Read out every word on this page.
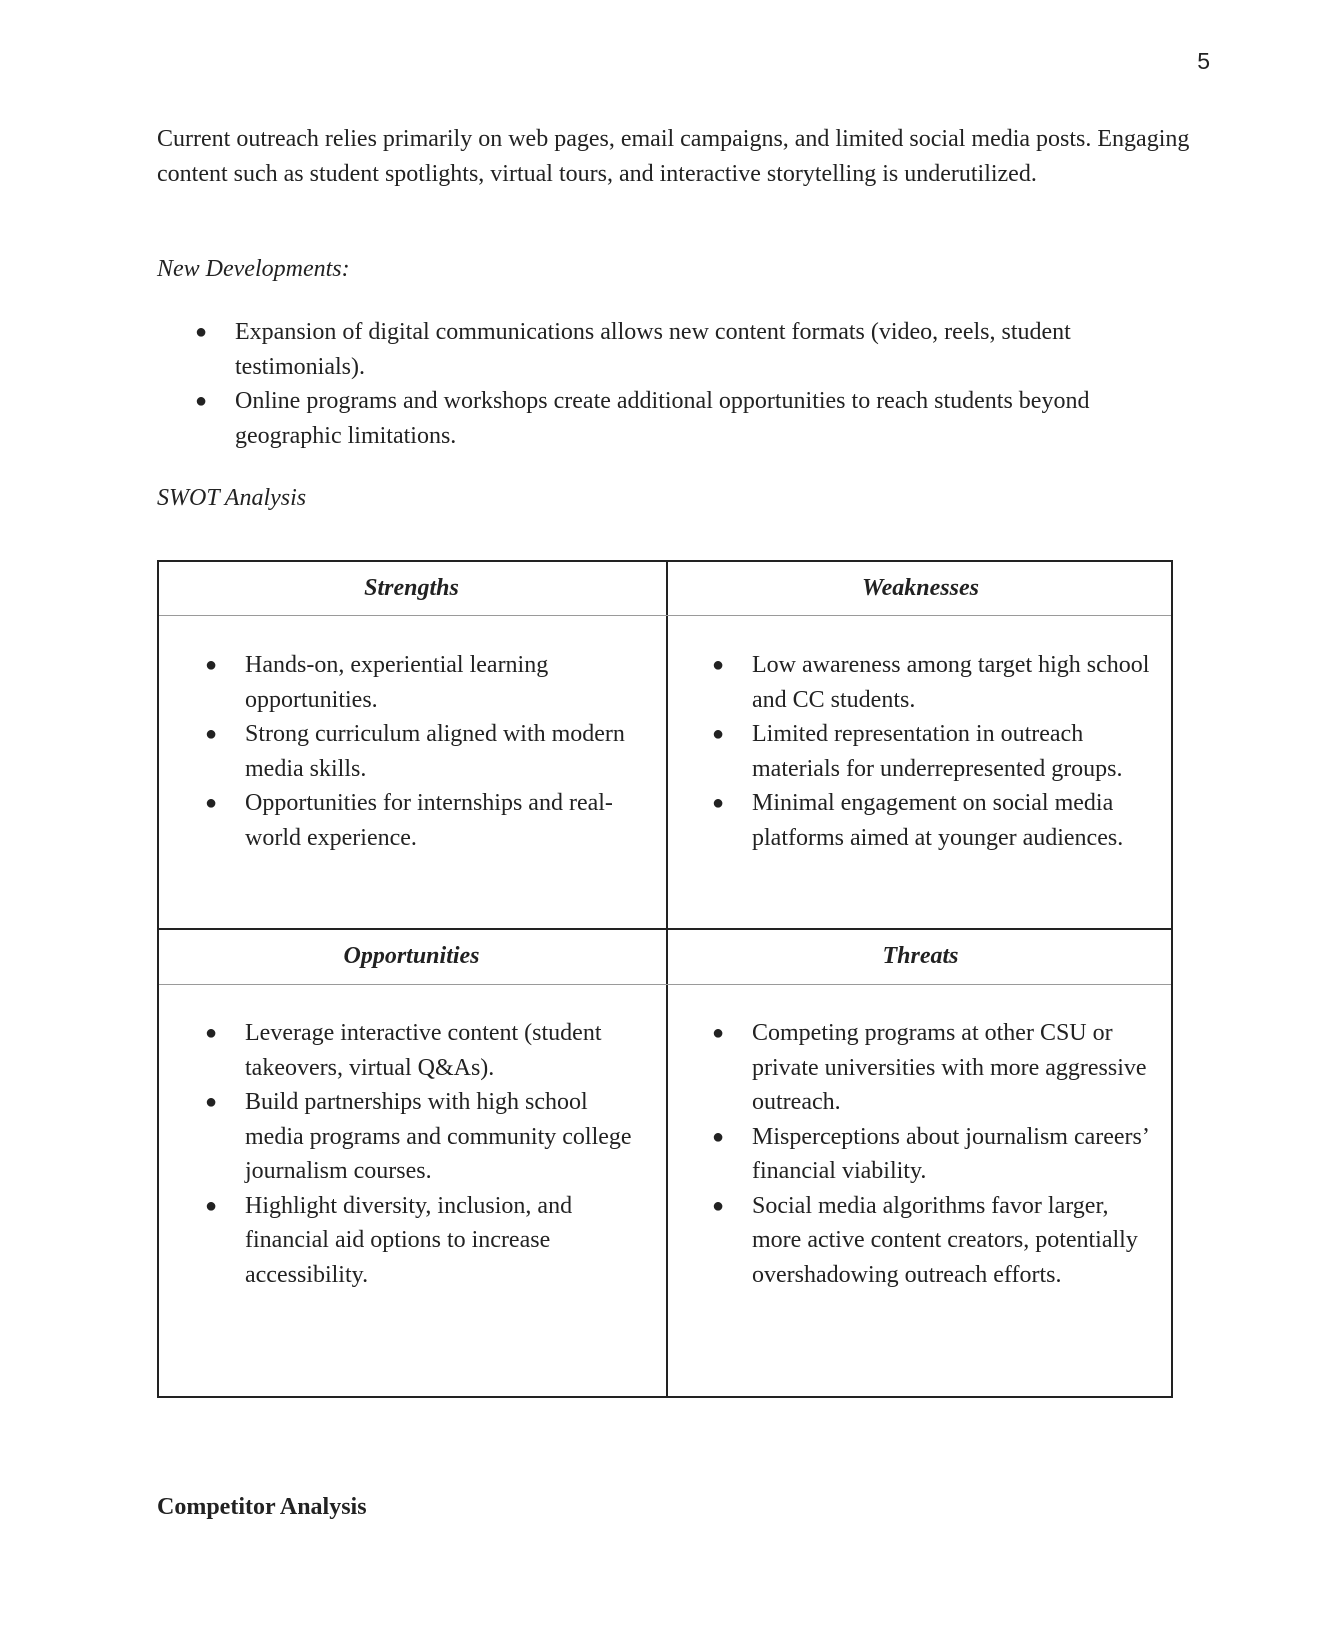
5

Current outreach relies primarily on web pages, email campaigns, and limited social media posts. Engaging content such as student spotlights, virtual tours, and interactive storytelling is underutilized.

New Developments:

● Expansion of digital communications allows new content formats (video, reels, student testimonials).
● Online programs and workshops create additional opportunities to reach students beyond geographic limitations.

SWOT Analysis

Strengths
● Hands-on, experiential learning opportunities.
● Strong curriculum aligned with modern media skills.
● Opportunities for internships and real-world experience.
Weaknesses
● Low awareness among target high school and CC students.
● Limited representation in outreach materials for underrepresented groups.
● Minimal engagement on social media platforms aimed at younger audiences.
Opportunities
● Leverage interactive content (student takeovers, virtual Q&As).
● Build partnerships with high school media programs and community college journalism courses.
● Highlight diversity, inclusion, and financial aid options to increase accessibility.
Threats
● Competing programs at other CSU or private universities with more aggressive outreach.
● Misperceptions about journalism careers’ financial viability.
● Social media algorithms favor larger, more active content creators, potentially overshadowing outreach efforts.

Competitor Analysis
